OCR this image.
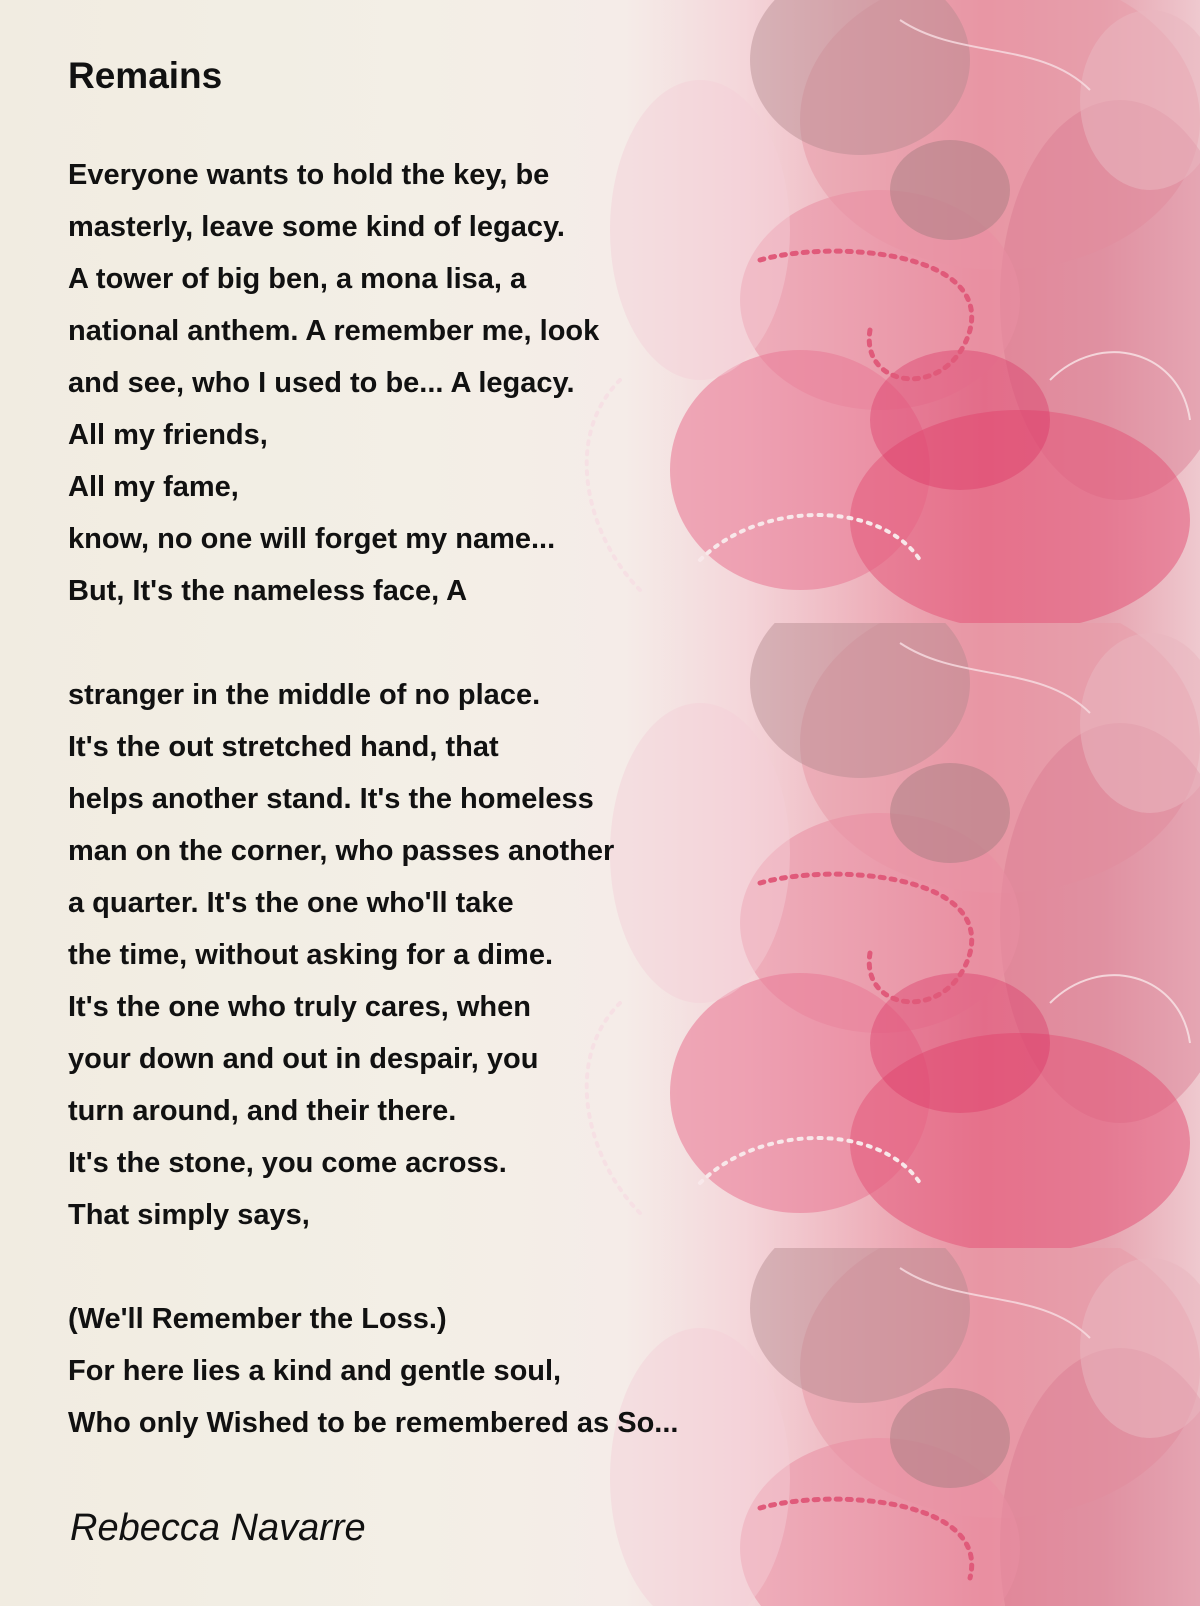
Remains
Everyone wants to hold the key, be
masterly, leave some kind of legacy.
A tower of big ben, a mona lisa, a
national anthem. A remember me, look
and see, who I used to be... A legacy.
All my friends,
All my fame,
know, no one will forget my name...
But, It's the nameless face, A
stranger in the middle of no place.
It's the out stretched hand, that
helps another stand. It's the homeless
man on the corner, who passes another
a quarter. It's the one who'll take
the time, without asking for a dime.
It's the one who truly cares, when
your down and out in despair, you
turn around, and their there.
It's the stone, you come across.
That simply says,
(We'll Remember the Loss.)
For here lies a kind and gentle soul,
Who only Wished to be remembered as So...
Rebecca Navarre
